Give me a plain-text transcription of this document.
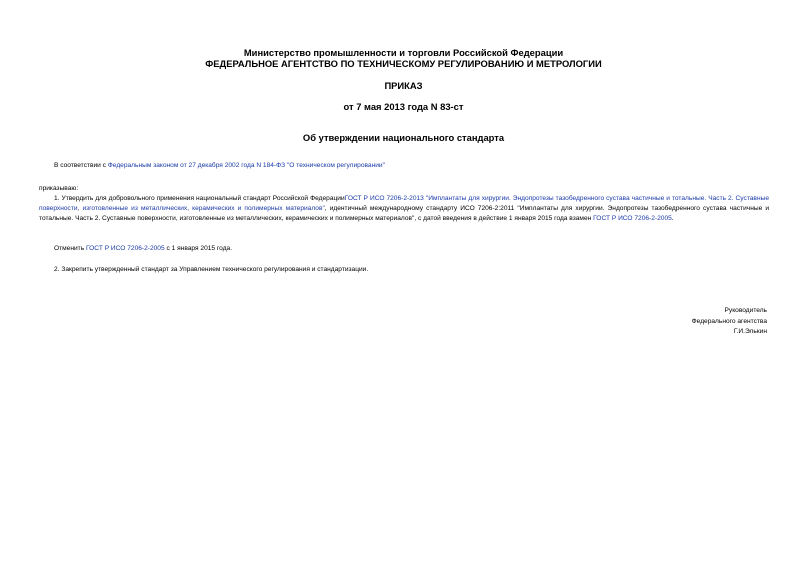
Министерство промышленности и торговли Российской Федерации
ФЕДЕРАЛЬНОЕ АГЕНТСТВО ПО ТЕХНИЧЕСКОМУ РЕГУЛИРОВАНИЮ И МЕТРОЛОГИИ
ПРИКАЗ
от 7 мая 2013 года N 83-ст
Об утверждении национального стандарта
В соответствии с Федеральным законом от 27 декабря 2002 года N 184-ФЗ "О техническом регулировании"
приказываю:
1. Утвердить для добровольного применения национальный стандарт Российской ФедерацииГОСТ Р ИСО 7206-2-2013 "Имплантаты для хирургии. Эндопротезы тазобедренного сустава частичные и тотальные. Часть 2. Суставные поверхности, изготовленные из металлических, керамических и полимерных материалов", идентичный международному стандарту ИСО 7206-2:2011 "Имплантаты для хирургии. Эндопротезы тазобедренного сустава частичные и тотальные. Часть 2. Суставные поверхности, изготовленные из металлических, керамических и полимерных материалов", с датой введения в действие 1 января 2015 года взамен ГОСТ Р ИСО 7206-2-2005.
Отменить ГОСТ Р ИСО 7206-2-2005 с 1 января 2015 года.
2. Закрепить утвержденный стандарт за Управлением технического регулирования и стандартизации.
Руководитель
Федерального агентства
Г.И.Элькин
